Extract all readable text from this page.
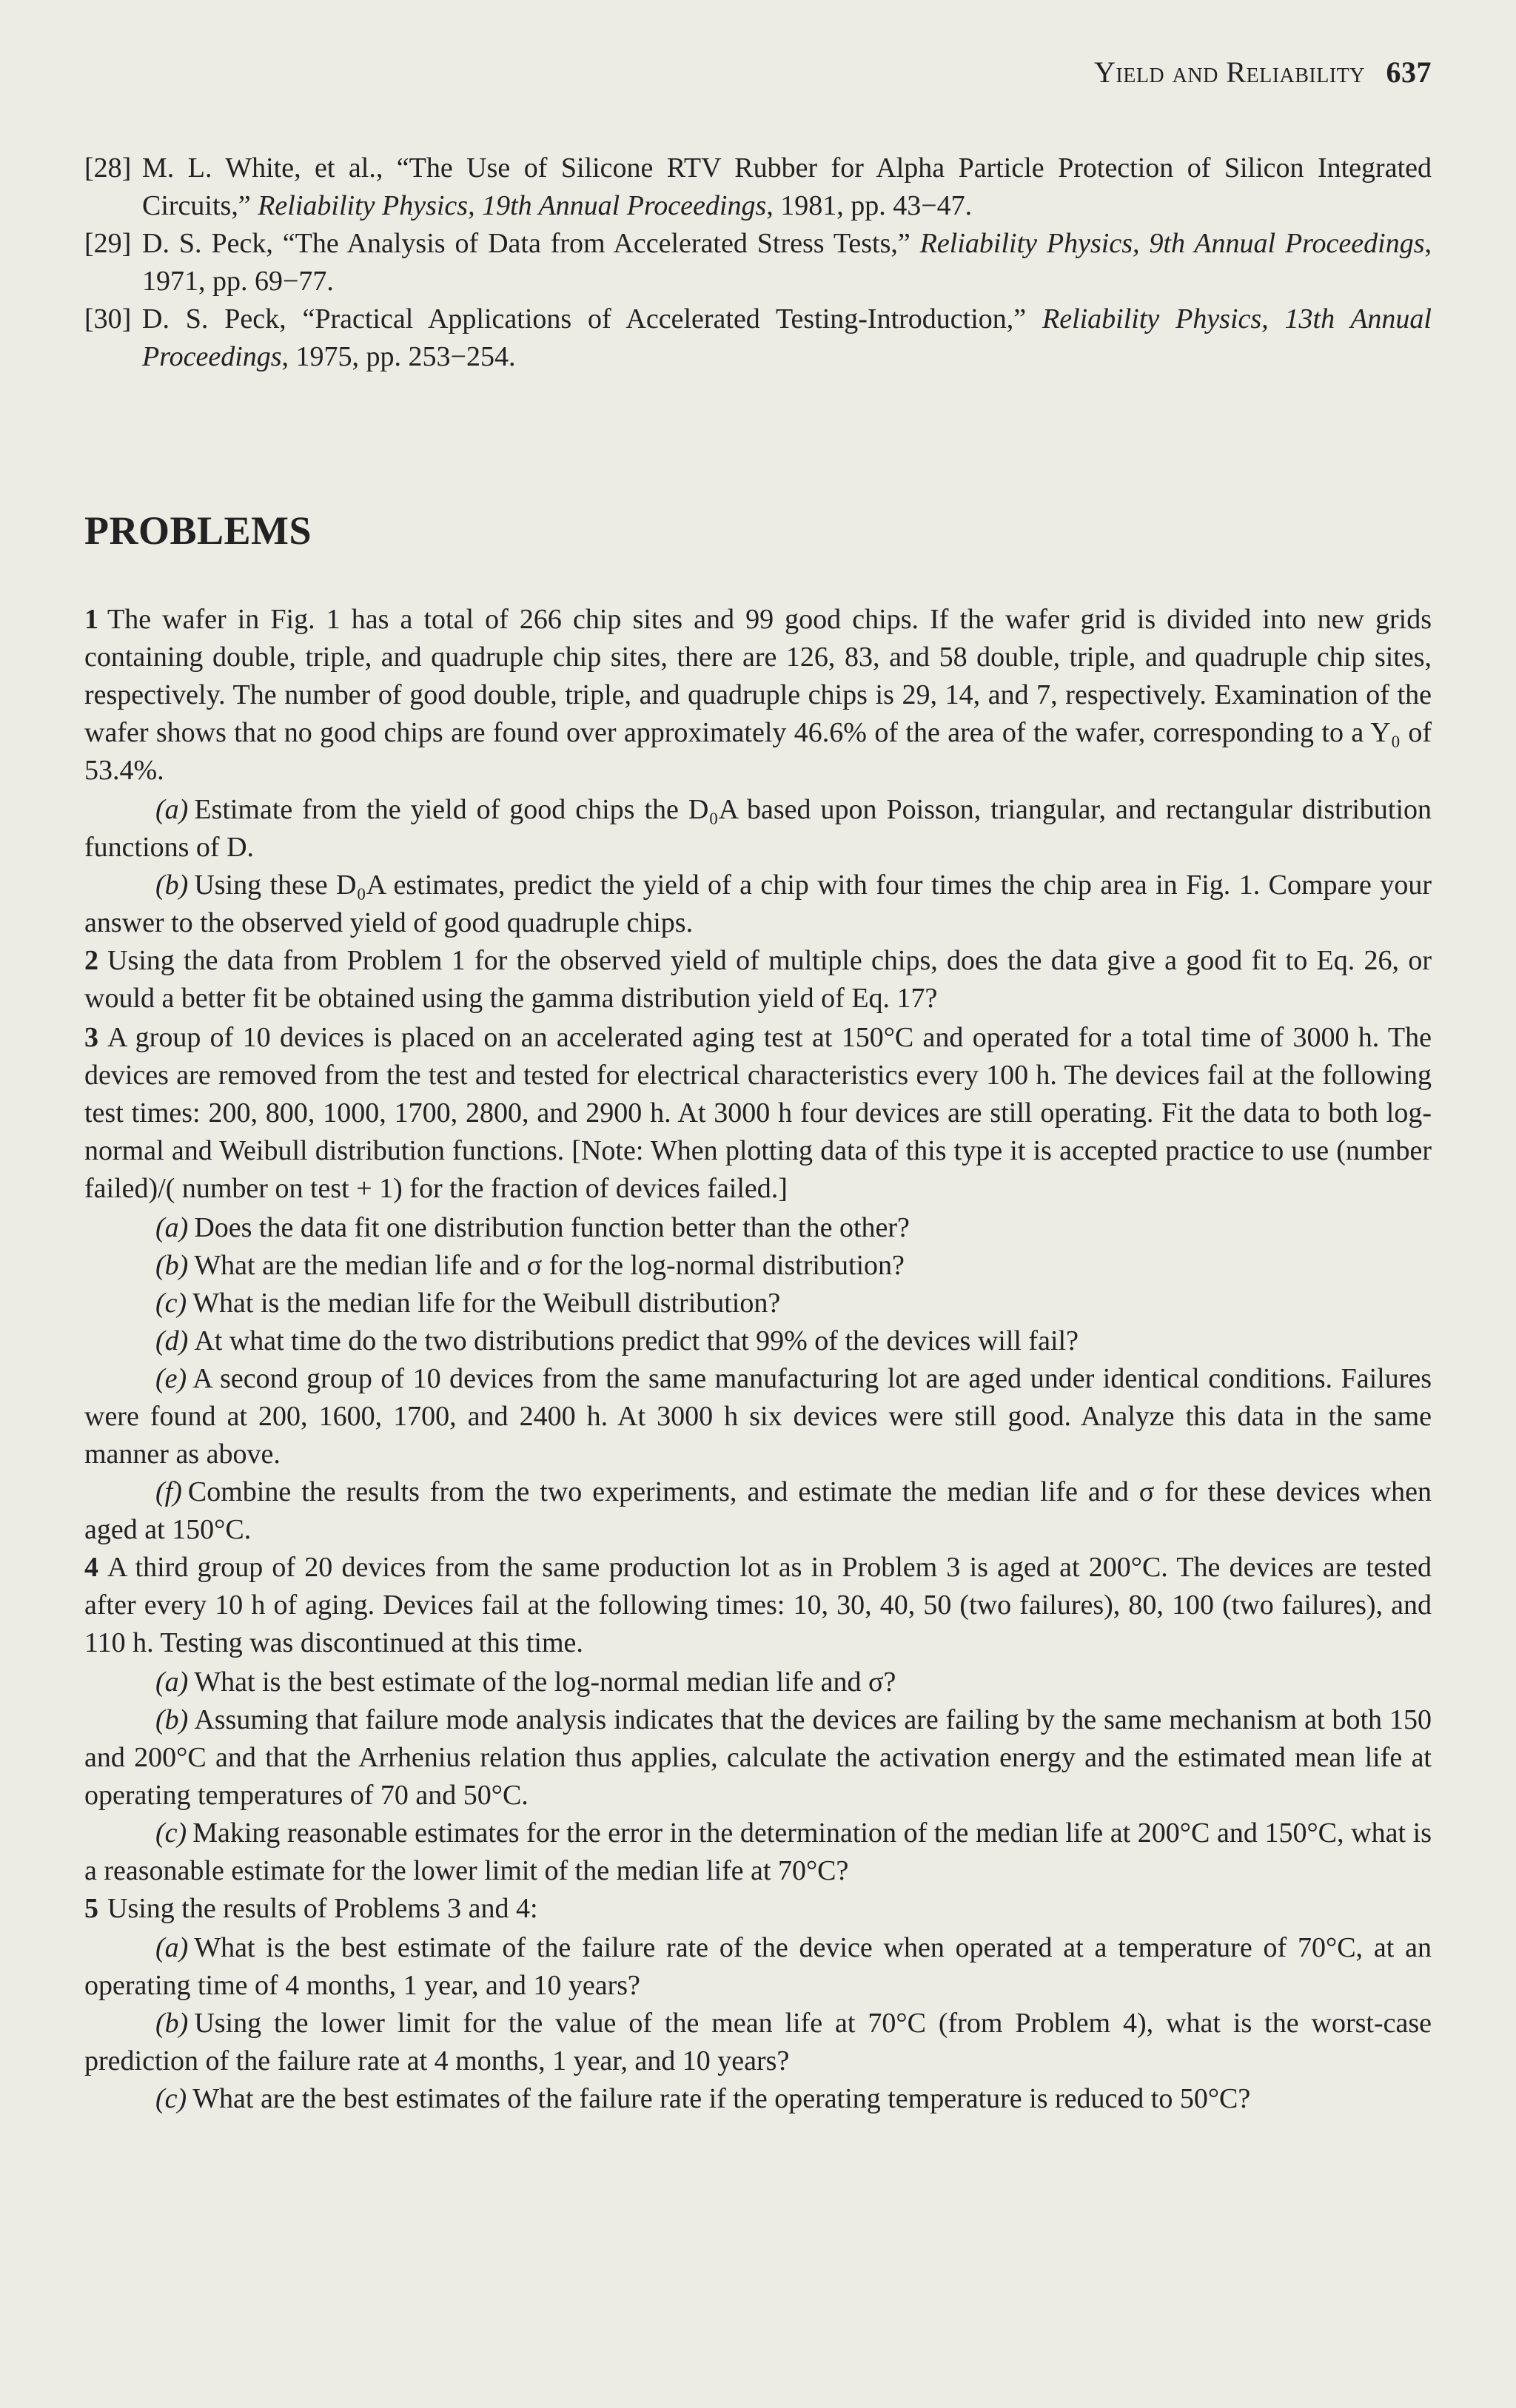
Yield and Reliability 637

[28] M. L. White, et al., “The Use of Silicone RTV Rubber for Alpha Particle Protection of Silicon Integrated Circuits,” Reliability Physics, 19th Annual Proceedings, 1981, pp. 43−47.

[29] D. S. Peck, “The Analysis of Data from Accelerated Stress Tests,” Reliability Physics, 9th Annual Proceedings, 1971, pp. 69−77.

[30] D. S. Peck, “Practical Applications of Accelerated Testing-Introduction,” Reliability Physics, 13th Annual Proceedings, 1975, pp. 253−254.

PROBLEMS

1 The wafer in Fig. 1 has a total of 266 chip sites and 99 good chips. If the wafer grid is divided into new grids containing double, triple, and quadruple chip sites, there are 126, 83, and 58 double, triple, and quadruple chip sites, respectively. The number of good double, triple, and quadruple chips is 29, 14, and 7, respectively. Examination of the wafer shows that no good chips are found over approximately 46.6% of the area of the wafer, corresponding to a Y₀ of 53.4%.

(a) Estimate from the yield of good chips the D₀A based upon Poisson, triangular, and rectangular distribution functions of D.

(b) Using these D₀A estimates, predict the yield of a chip with four times the chip area in Fig. 1. Compare your answer to the observed yield of good quadruple chips.

2 Using the data from Problem 1 for the observed yield of multiple chips, does the data give a good fit to Eq. 26, or would a better fit be obtained using the gamma distribution yield of Eq. 17?

3 A group of 10 devices is placed on an accelerated aging test at 150°C and operated for a total time of 3000 h. The devices are removed from the test and tested for electrical characteristics every 100 h. The devices fail at the following test times: 200, 800, 1000, 1700, 2800, and 2900 h. At 3000 h four devices are still operating. Fit the data to both log-normal and Weibull distribution functions. [Note: When plotting data of this type it is accepted practice to use (number failed)/( number on test + 1) for the fraction of devices failed.]

(a) Does the data fit one distribution function better than the other?

(b) What are the median life and σ for the log-normal distribution?

(c) What is the median life for the Weibull distribution?

(d) At what time do the two distributions predict that 99% of the devices will fail?

(e) A second group of 10 devices from the same manufacturing lot are aged under identical conditions. Failures were found at 200, 1600, 1700, and 2400 h. At 3000 h six devices were still good. Analyze this data in the same manner as above.

(f) Combine the results from the two experiments, and estimate the median life and σ for these devices when aged at 150°C.

4 A third group of 20 devices from the same production lot as in Problem 3 is aged at 200°C. The devices are tested after every 10 h of aging. Devices fail at the following times: 10, 30, 40, 50 (two failures), 80, 100 (two failures), and 110 h. Testing was discontinued at this time.

(a) What is the best estimate of the log-normal median life and σ?

(b) Assuming that failure mode analysis indicates that the devices are failing by the same mechanism at both 150 and 200°C and that the Arrhenius relation thus applies, calculate the activation energy and the estimated mean life at operating temperatures of 70 and 50°C.

(c) Making reasonable estimates for the error in the determination of the median life at 200°C and 150°C, what is a reasonable estimate for the lower limit of the median life at 70°C?

5 Using the results of Problems 3 and 4:

(a) What is the best estimate of the failure rate of the device when operated at a temperature of 70°C, at an operating time of 4 months, 1 year, and 10 years?

(b) Using the lower limit for the value of the mean life at 70°C (from Problem 4), what is the worst-case prediction of the failure rate at 4 months, 1 year, and 10 years?

(c) What are the best estimates of the failure rate if the operating temperature is reduced to 50°C?
